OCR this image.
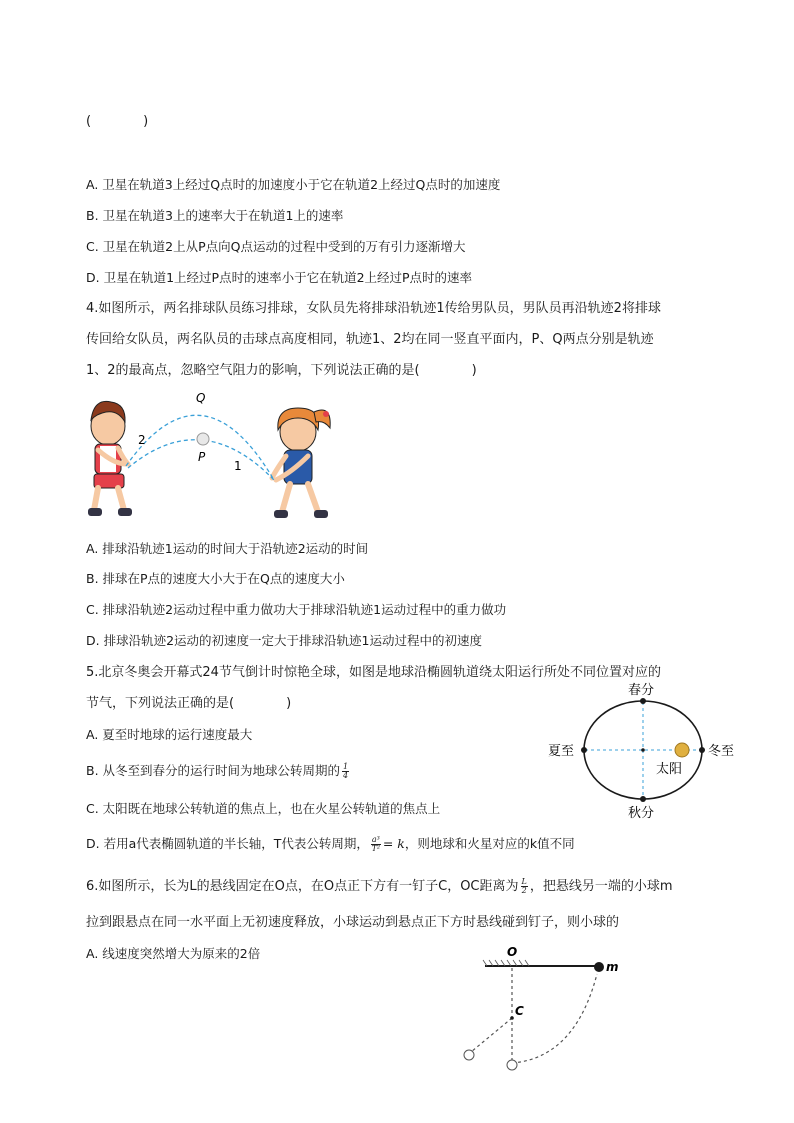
(　　　　)
A. 卫星在轨道3上经过Q点时的加速度小于它在轨道2上经过Q点时的加速度
B. 卫星在轨道3上的速率大于在轨道1上的速率
C. 卫星在轨道2上从P点向Q点运动的过程中受到的万有引力逐渐增大
D. 卫星在轨道1上经过P点时的速率小于它在轨道2上经过P点时的速率
4.如图所示，两名排球队员练习排球，女队员先将排球沿轨迹1传给男队员，男队员再沿轨迹2将排球
传回给女队员，两名队员的击球点高度相同，轨迹1、2均在同一竖直平面内，P、Q两点分别是轨迹
1、2的最高点，忽略空气阻力的影响，下列说法正确的是(　　　　)
Q
P
2
1
A. 排球沿轨迹1运动的时间大于沿轨迹2运动的时间
B. 排球在P点的速度大小大于在Q点的速度大小
C. 排球沿轨迹2运动过程中重力做功大于排球沿轨迹1运动过程中的重力做功
D. 排球沿轨迹2运动的初速度一定大于排球沿轨迹1运动过程中的初速度
5.北京冬奥会开幕式24节气倒计时惊艳全球，如图是地球沿椭圆轨道绕太阳运行所处不同位置对应的
节气，下列说法正确的是(　　　　)
A. 夏至时地球的运行速度最大
B. 从冬至到春分的运行时间为地球公转周期的 $\frac{1}{4}$
C. 太阳既在地球公转轨道的焦点上，也在火星公转轨道的焦点上
D. 若用a代表椭圆轨道的半长轴，T代表公转周期， $\frac{\text{a³}}{\text{T²}} = k$，则地球和火星对应的k值不同
春分
夏至	冬至
秋分
太阳
6.如图所示，长为L的悬线固定在O点，在O点正下方有一钉子C，OC距离为 $\frac{L}{2}$ ，把悬线另一端的小球m
拉到跟悬点在同一水平面上无初速度释放，小球运动到悬点正下方时悬线碰到钉子，则小球的
A. 线速度突然增大为原来的2倍	O
C
m
